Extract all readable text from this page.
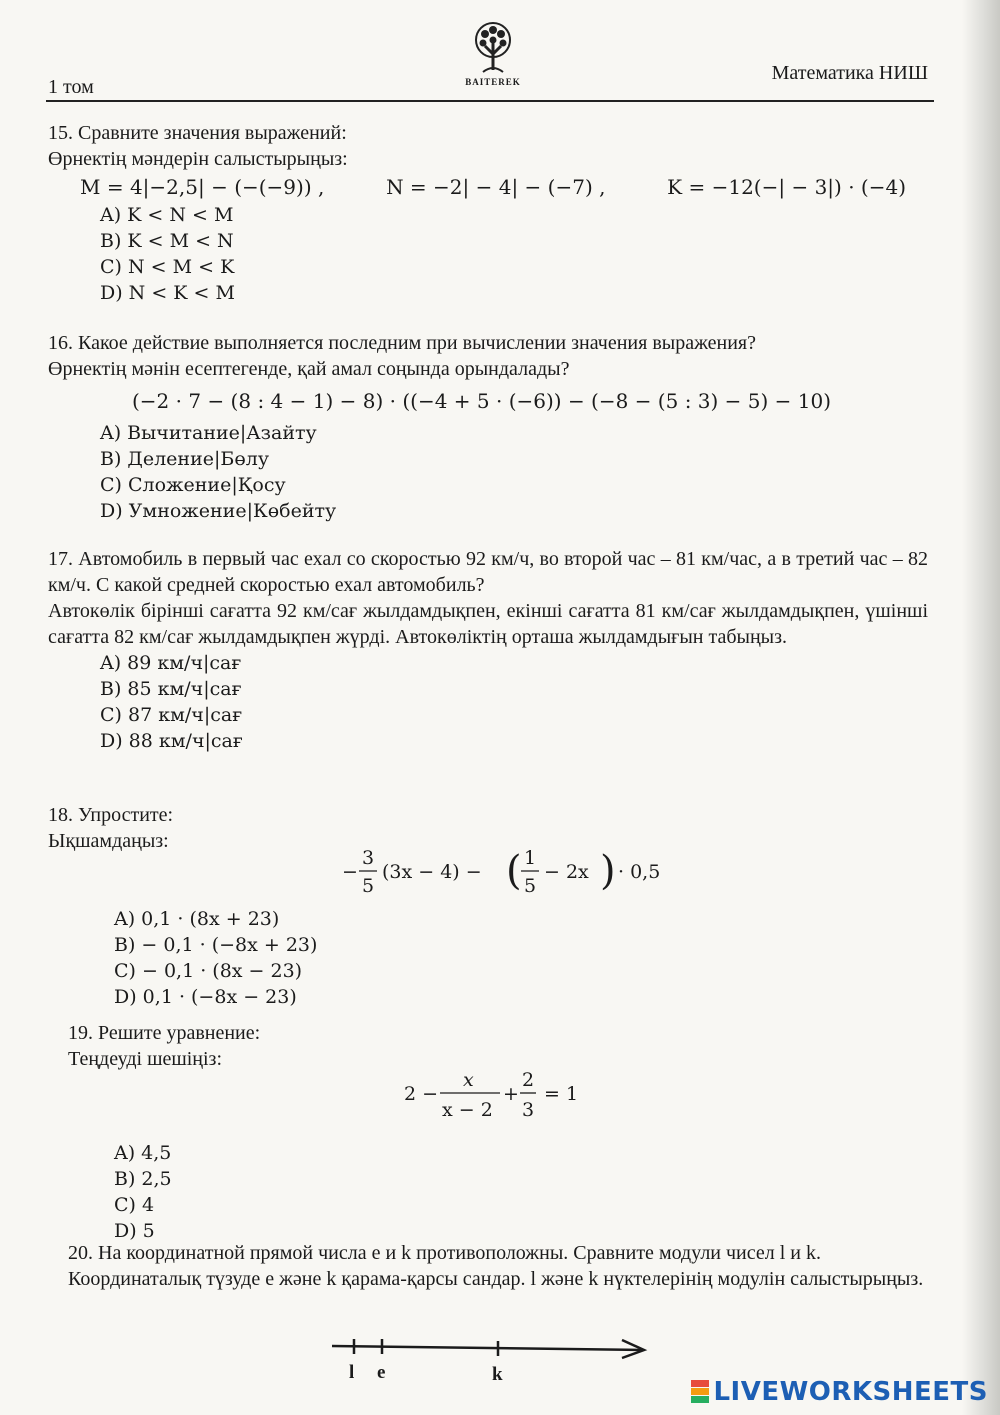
1 том	BAITEREK	Математика НИШ

15. Сравните значения выражений:

Өрнектің мәндерін салыстырыңыз:

M = 4|−2,5| − (−(−9)) ,	N = −2| − 4| − (−7) ,	K = −12(−| − 3|) · (−4)
A) K < N < M
B) K < M < N
C) N < M < K
D) N < K < M

16. Какое действие выполняется последним при вычислении значения выражения?

Өрнектің мәнін есептегенде, қай амал соңында орындалады?

(−2 · 7 − (8 : 4 − 1) − 8) · ((−4 + 5 · (−6)) − (−8 − (5 : 3) − 5) − 10)
A) Вычитание|Азайту
B) Деление|Бөлу
C) Сложение|Қосу
D) Умножение|Көбейту

17. Автомобиль в первый час ехал со скоростью 92 км/ч, во второй час – 81 км/час, а в третий час – 82 км/ч. С какой средней скоростью ехал автомобиль?

Автокөлік бірінші сағатта 92 км/сағ жылдамдықпен, екінші сағатта 81 км/сағ жылдамдықпен, үшінші сағатта 82 км/сағ жылдамдықпен жүрді. Автокөліктің орташа жылдамдығын табыңыз.

A) 89 км/ч|сағ
B) 85 км/ч|сағ
C) 87 км/ч|сағ
D) 88 км/ч|сағ

18. Упростите:

Ықшамдаңыз:

−
3
5
(3x − 4) − ( 1
5
− 2x ) · 0,5
A) 0,1 · (8x + 23)
B) − 0,1 · (−8x + 23)
C) − 0,1 · (8x − 23)
D) 0,1 · (−8x − 23)

19. Решите уравнение:

Теңдеуді шешіңіз:

2 −
x
x − 2
+
2
3
= 1
A) 4,5
B) 2,5
C) 4
D) 5

20. На координатной прямой числа e и k противоположны. Сравните модули чисел l и k.

Координаталық түзуде e және k қарама-қарсы сандар. l және k нүктелерінің модулін салыстырыңыз.

l e	k
LIVEWORKSHEETS
